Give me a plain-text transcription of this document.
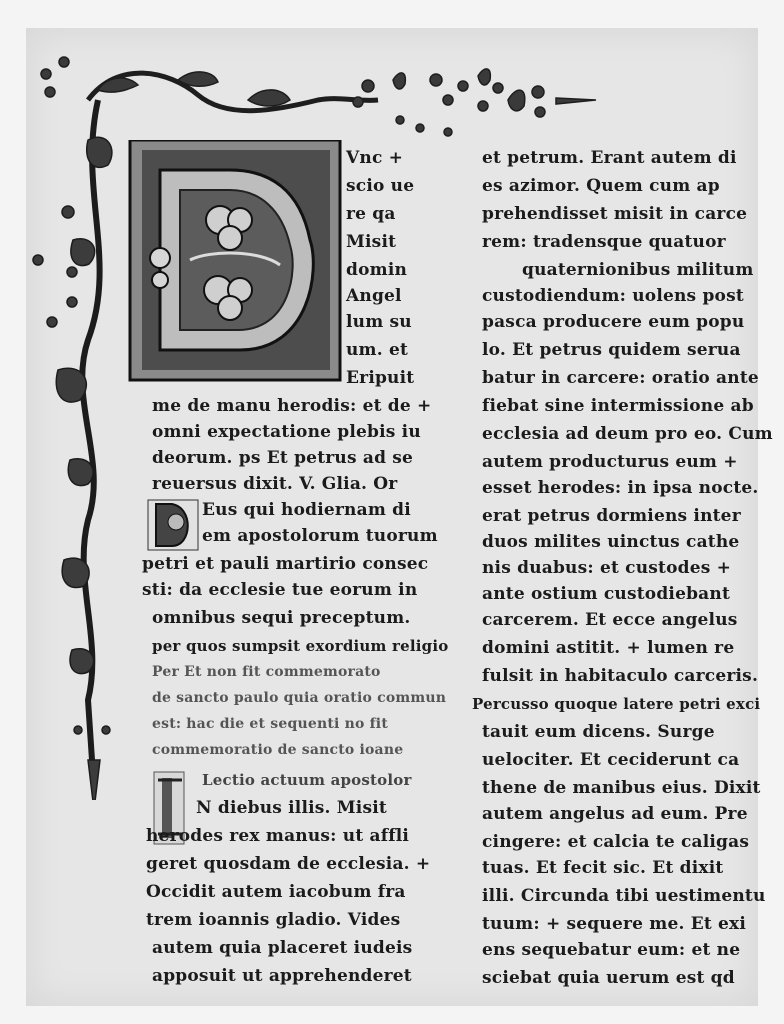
Vnc +
scio ue
re qa
Misit
domin
Angel
lum su
um. et
Eripuit
me de manu herodis: et de +
omni expectatione plebis iu
deorum. ps Et petrus ad se
reuersus dixit. V. Glia. Or
Eus qui hodiernam di
em apostolorum tuorum
petri et pauli martirio consec
sti: da ecclesie tue eorum in
omnibus sequi preceptum.
per quos sumpsit exordium religio
Per Et non fit commemorato
de sancto paulo quia oratio commun
est: hac die et sequenti no fit
commemoratio de sancto ioane
Lectio actuum apostolor
N diebus illis. Misit
herodes rex manus: ut affli
geret quosdam de ecclesia. +
Occidit autem iacobum fra
trem ioannis gladio. Vides
autem quia placeret iudeis
apposuit ut apprehenderet
et petrum. Erant autem di
es azimor. Quem cum ap
prehendisset misit in carce
rem: tradensque quatuor
quaternionibus militum
custodiendum: uolens post
pasca producere eum popu
lo. Et petrus quidem serua
batur in carcere: oratio ante
fiebat sine intermissione ab
ecclesia ad deum pro eo. Cum
autem producturus eum +
esset herodes: in ipsa nocte.
erat petrus dormiens inter
duos milites uinctus cathe
nis duabus: et custodes +
ante ostium custodiebant
carcerem. Et ecce angelus
domini astitit. + lumen re
fulsit in habitaculo carceris.
Percusso quoque latere petri exci
tauit eum dicens. Surge
uelociter. Et ceciderunt ca
thene de manibus eius. Dixit
autem angelus ad eum. Pre
cingere: et calcia te caligas
tuas. Et fecit sic. Et dixit
illi. Circunda tibi uestimentu
tuum: + sequere me. Et exi
ens sequebatur eum: et ne
sciebat quia uerum est qd
